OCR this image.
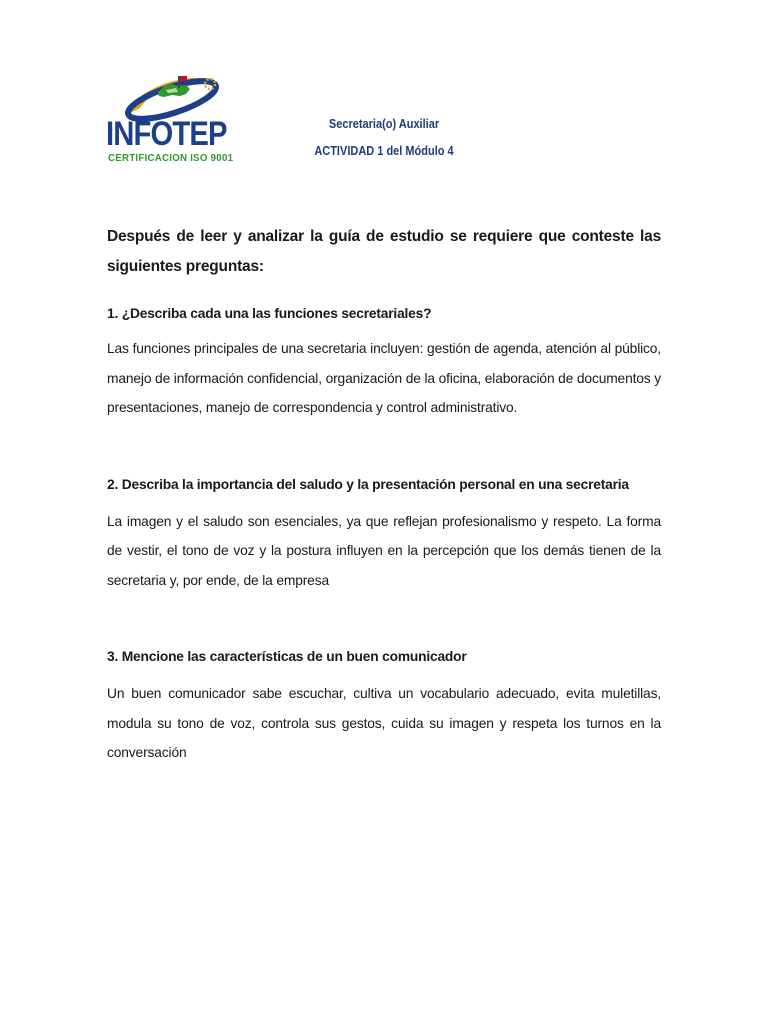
INFOTEP
CERTIFICACION ISO 9001
Secretaria(o) Auxiliar
ACTIVIDAD 1 del Módulo 4

Después de leer y analizar la guía de estudio se requiere que conteste las siguientes preguntas:

1. ¿Describa cada una las funciones secretariales?

Las funciones principales de una secretaria incluyen: gestión de agenda, atención al público, manejo de información confidencial, organización de la oficina, elaboración de documentos y presentaciones, manejo de correspondencia y control administrativo.

2. Describa la importancia del saludo y la presentación personal en una secretaria

La imagen y el saludo son esenciales, ya que reflejan profesionalismo y respeto. La forma de vestir, el tono de voz y la postura influyen en la percepción que los demás tienen de la secretaria y, por ende, de la empresa

3. Mencione las características de un buen comunicador

Un buen comunicador sabe escuchar, cultiva un vocabulario adecuado, evita muletillas, modula su tono de voz, controla sus gestos, cuida su imagen y respeta los turnos en la conversación
